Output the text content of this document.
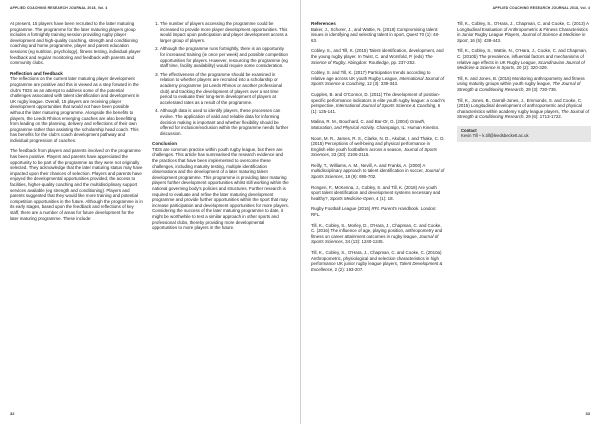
APPLIED COACHING RESEARCH JOURNAL 2018, Vol. 4

At present, 15 players have been recruited to the latter maturing programme. The programme for the later maturing players group includes a fortnightly training session providing rugby player development and high-quality coaching, strength and conditioning coaching and home programme, player and parent education sessions (eg nutrition, psychology), fitness testing, individual player feedback and regular monitoring and feedback with parents and community clubs.

Reflection and feedback

The reflections on the current later maturing player development programme are positive and this is viewed as a step forward in the club's TIDS as an attempt to address some of the potential challenges associated with talent identification and development in UK rugby league. Overall, 15 players are receiving player development opportunities that would not have been possible without the later maturing programme. Alongside the benefits to players, the Leeds Rhinos emerging coaches are also benefitting from leading on the planning, delivery and reflections of their own programme rather than assisting the scholarship head coach. This has benefits for the club's coach development pathway and individual progression of coaches.

The feedback from players and parents involved on the programme has been positive. Players and parents have appreciated the opportunity to be part of the programme as they were not originally selected. They acknowledge that the later maturing status may have impacted upon their chances of selection. Players and parents have enjoyed the developmental opportunities provided, the access to facilities, higher-quality coaching and the multidisciplinary support services available (eg strength and conditioning). Players and parents suggested that they would like more training and potential competition opportunities in the future. Although the programme is in its early stages, based upon the feedback and reflections of key staff, there are a number of areas for future development for the later maturing programme. These include:

1. The number of players accessing the programme could be increased to provide more player development opportunities. This would impact upon participation and player development across a larger group of players.
2. Although the programme runs fortnightly, there is an opportunity for increased training (ie once per week) and possible competition opportunities for players. However, resourcing the programme (eg staff time, facility availability) would require some consideration.
3. The effectiveness of the programme should be examined in relation to whether players are recruited into a scholarship or academy programme (at Leeds Rhinos or another professional club) and tracking the development of players over a set time period to evaluate their long-term development of players at accelerated rates as a result of the programme.
4. Although data is used to identify players, these processes can evolve. The application of valid and reliable data for informing decision making is important and whether flexibility should be offered for inclusion/exclusion within the programme needs further discussion.
Conclusion

TIDS are common practice within youth rugby league, but there are challenges. This article has summarised the research evidence and the practices that have been implemented to overcome these challenges, including maturity testing, multiple identification observations and the development of a later maturing talent development programme. This programme is providing later maturing players further development opportunities whilst still working within the national governing body's policies and structures. Further research is required to evaluate and refine the later maturing development programme and provide further opportunities within the sport that may increase participation and development opportunities for more players. Considering the success of the later maturing programme to date, it might be worthwhile to test a similar approach in other sports and professional clubs, thereby providing more developmental opportunities to more players in the future.

32
APPLIED COACHING RESEARCH JOURNAL 2018, Vol. 4
References

Baker, J., Schorer, J., and Wattie, N. (2018) Compromising talent: issues in identifying and selecting talent in sport, Quest 70 (1): 48-63.

Cobley, S., and Till, K. (2015) Talent identification, development, and the young rugby player. In Twist, C. and Worsfold, P. (eds) The Science of Rugby. Abingdon: Routledge, pp. 237-252.

Cobley, S. and Till, K. (2017) Participation trends according to relative age across UK youth Rugby League, International Journal of Sports Science & Coaching, 12 (3): 339-343.

Cupples, B. and O'Connor, D. (2011) The development of position-specific performance indicators in elite youth rugby league: a coach's perspective, International Journal of Sports Science & Coaching, 6 (1): 125-141.

Malina, R. M., Bouchard, C. and Bar-Or, O. (2004) Growth, Maturation, and Physical Activity. Champaign, IL: Human Kinetics.

Noon, M. R., James, R. S., Clarke, N. D., Akubat, I. and Thake, C. D. (2015) Perceptions of well-being and physical performance in English elite youth footballers across a season, Journal of Sports Sciences, 33 (20): 2106-2115.

Reilly, T., Williams, A. M., Nevill, A. and Franks, A. (2000) A multidisciplinary approach to talent identification in soccer, Journal of Sports Sciences, 18 (9): 695-702.

Rongen, F., McKenna, J., Cobley, S. and Till, K. (2018) Are youth sport talent identification and development systems necessary and healthy?, Sports Medicine-Open, 4 (1): 18.

Rugby Football League (2016) RFL Parent's Handbook. London: RFL.

Till, K., Cobley, S., Morley, D., O'Hara, J., Chapman, C. and Cooke, C. (2016) The influence of age, playing position, anthropometry and fitness on career attainment outcomes in rugby league, Journal of Sports Sciences, 34 (13): 1240-1245.

Till, K., Cobley, S., O'Hara, J., Chapman, C. and Cooke, C. (2010a) Anthropometric, physiological and selection characteristics in high performance UK junior rugby league players, Talent Development & Excellence, 2 (2): 193-207.

Till, K., Cobley, S., O'Hara, J., Chapman, C. and Cooke, C. (2013) A Longitudinal Evaluation of Anthropometric & Fitness Characteristics in Junior Rugby League Players, Journal of Science & Medicine in Sport, 16 (5): 438-443.

Till, K., Cobley, S., Wattie, N., O'Hara, J., Cooke, C. and Chapman, C. (2010b) The prevalence, influential factors and mechanisms of relative age effects in UK Rugby League, Scandinavian Journal of Medicine & Science in Sports, 20 (2): 320-329.

Till, K. and Jones, B. (2015) Monitoring anthropometry and fitness using maturity groups within youth rugby league, The Journal of Strength & Conditioning Research, 29 (3): 730-736.

Till, K., Jones, B., Darrall-Jones, J., Emmonds, S. and Cooke, C. (2015) Longitudinal development of anthropometric and physical characteristics within academy rugby league players, The Journal of Strength & Conditioning Research, 29 (6): 1713-1722.

Contact
Kevin Till – k.till@leedsbeckett.ac.uk
33
